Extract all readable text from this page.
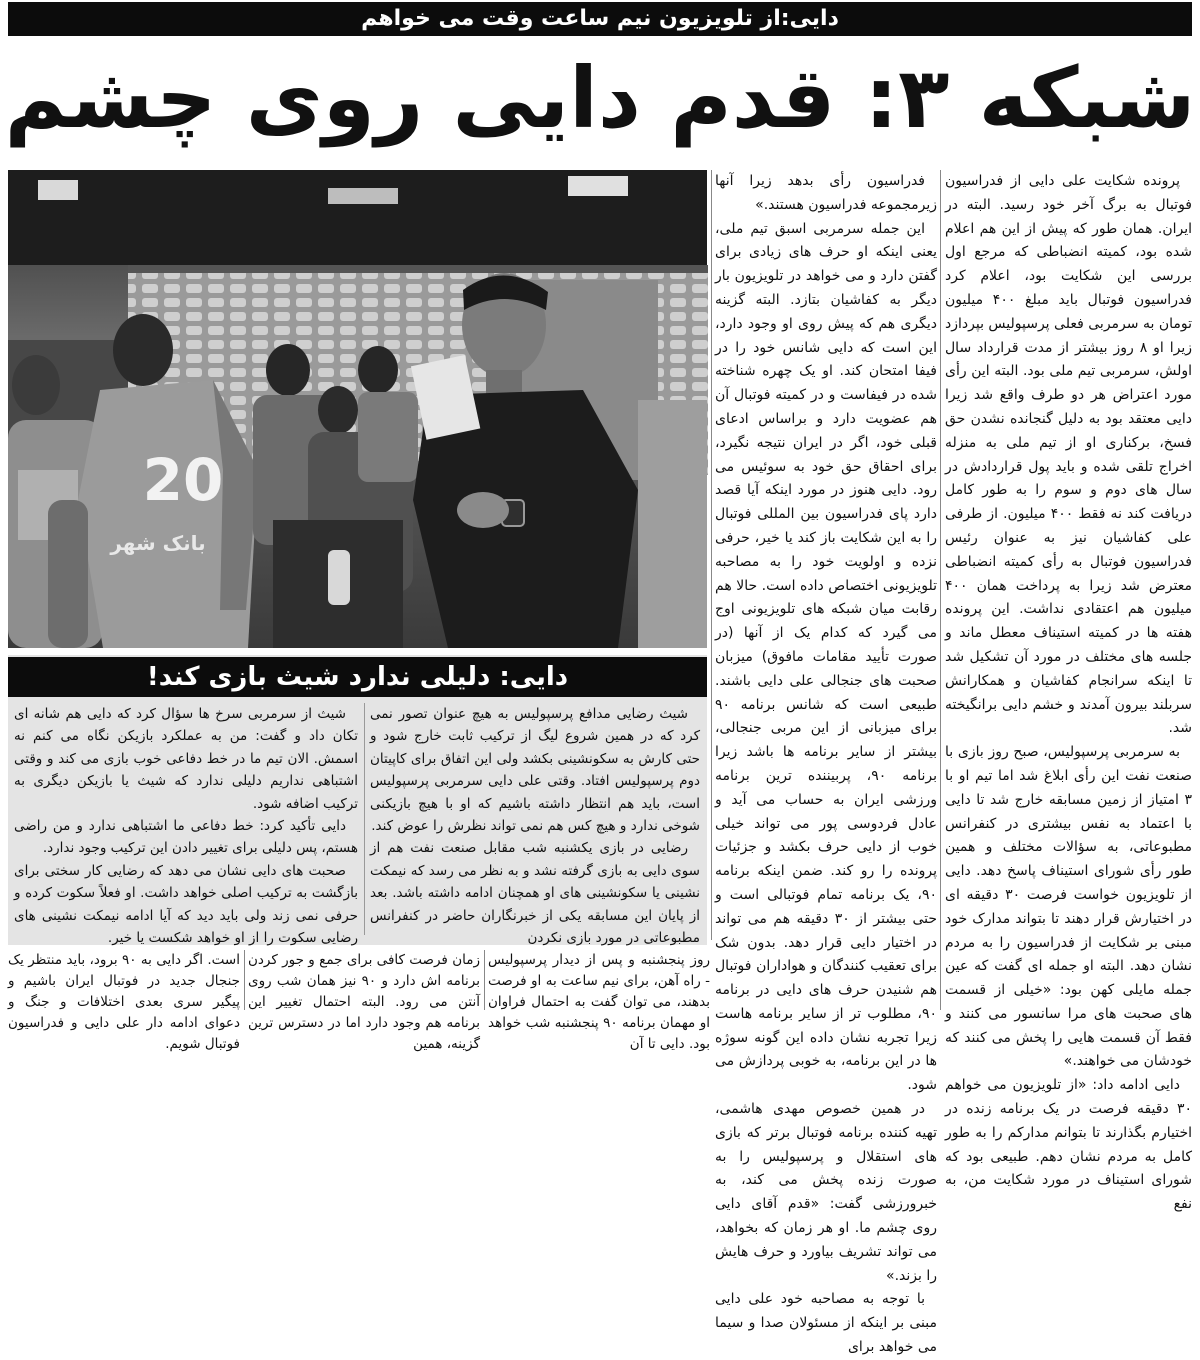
دایی:از تلویزیون نیم ساعت وقت می خواهم
شبکه ۳: قدم دایی روی چشم

پرونده شکایت علی دایی از فدراسیون فوتبال به برگ آخر خود رسید. البته در ایران. همان طور که پیش از این هم اعلام شده بود، کمیته انضباطی که مرجع اول بررسی این شکایت بود، اعلام کرد فدراسیون فوتبال باید مبلغ ۴۰۰ میلیون تومان به سرمربی فعلی پرسپولیس بپردازد زیرا او ۸ روز بیشتر از مدت قرارداد سال اولش، سرمربی تیم ملی بود. البته این رأی مورد اعتراض هر دو طرف واقع شد زیرا دایی معتقد بود به دلیل گنجانده نشدن حق فسخ، برکناری او از تیم ملی به منزله اخراج تلقی شده و باید پول قراردادش در سال های دوم و سوم را به طور کامل دریافت کند نه فقط ۴۰۰ میلیون. از طرفی علی کفاشیان نیز به عنوان رئیس فدراسیون فوتبال به رأی کمیته انضباطی معترض شد زیرا به پرداخت همان ۴۰۰ میلیون هم اعتقادی نداشت. این پرونده هفته ها در کمیته استیناف معطل ماند و جلسه های مختلف در مورد آن تشکیل شد تا اینکه سرانجام کفاشیان و همکارانش سربلند بیرون آمدند و خشم دایی برانگیخته شد.

به سرمربی پرسپولیس، صبح روز بازی با صنعت نفت این رأی ابلاغ شد اما تیم او با ۳ امتیاز از زمین مسابقه خارج شد تا دایی با اعتماد به نفس بیشتری در کنفرانس مطبوعاتی، به سؤالات مختلف و همین طور رأی شورای استیناف پاسخ دهد. دایی از تلویزیون خواست فرصت ۳۰ دقیقه ای در اختیارش قرار دهند تا بتواند مدارک خود مبنی بر شکایت از فدراسیون را به مردم نشان دهد. البته او جمله ای گفت که عین جمله مایلی کهن بود: «خیلی از قسمت های صحبت های مرا سانسور می کنند و فقط آن قسمت هایی را پخش می کنند که خودشان می خواهند.»

دایی ادامه داد: «از تلویزیون می خواهم ۳۰ دقیقه فرصت در یک برنامه زنده در اختیارم بگذارند تا بتوانم مدارکم را به طور کامل به مردم نشان دهم. طبیعی بود که شورای استیناف در مورد شکایت من، به نفع

فدراسیون رأی بدهد زیرا آنها زیرمجموعه فدراسیون هستند.»

این جمله سرمربی اسبق تیم ملی، یعنی اینکه او حرف های زیادی برای گفتن دارد و می خواهد در تلویزیون بار دیگر به کفاشیان بتازد. البته گزینه دیگری هم که پیش روی او وجود دارد، این است که دایی شانس خود را در فیفا امتحان کند. او یک چهره شناخته شده در فیفاست و در کمیته فوتبال آن هم عضویت دارد و براساس ادعای قبلی خود، اگر در ایران نتیجه نگیرد، برای احقاق حق خود به سوئیس می رود. دایی هنوز در مورد اینکه آیا قصد دارد پای فدراسیون بین المللی فوتبال را به این شکایت باز کند یا خیر، حرفی نزده و اولویت خود را به مصاحبه تلویزیونی اختصاص داده است. حالا هم رقابت میان شبکه های تلویزیونی اوج می گیرد که کدام یک از آنها (در صورت تأیید مقامات مافوق) میزبان صحبت های جنجالی علی دایی باشند. طبیعی است که شانس برنامه ۹۰ برای میزبانی از این مربی جنجالی، بیشتر از سایر برنامه ها باشد زیرا برنامه ۹۰، پربیننده ترین برنامه ورزشی ایران به حساب می آید و عادل فردوسی پور می تواند خیلی خوب از دایی حرف بکشد و جزئیات پرونده را رو کند. ضمن اینکه برنامه ۹۰، یک برنامه تمام فوتبالی است و حتی بیشتر از ۳۰ دقیقه هم می تواند در اختیار دایی قرار دهد. بدون شک برای تعقیب کنندگان و هواداران فوتبال هم شنیدن حرف های دایی در برنامه ۹۰، مطلوب تر از سایر برنامه هاست زیرا تجربه نشان داده این گونه سوژه ها در این برنامه، به خوبی پردازش می شود.

در همین خصوص مهدی هاشمی، تهیه کننده برنامه فوتبال برتر که بازی های استقلال و پرسپولیس را به صورت زنده پخش می کند، به خبرورزشی گفت: «قدم آقای دایی روی چشم ما. او هر زمان که بخواهد، می تواند تشریف بیاورد و حرف هایش را بزند.»

با توجه به مصاحبه خود علی دایی مبنی بر اینکه از مسئولان صدا و سیما می خواهد برای

20
بانک شهر
دایی: دلیلی ندارد شیث بازی کند!

شیث رضایی مدافع پرسپولیس به هیچ عنوان تصور نمی کرد که در همین شروع لیگ از ترکیب ثابت خارج شود و حتی کارش به سکونشینی بکشد ولی این اتفاق برای کاپیتان دوم پرسپولیس افتاد. وقتی علی دایی سرمربی پرسپولیس است، باید هم انتظار داشته باشیم که او با هیچ بازیکنی شوخی ندارد و هیچ کس هم نمی تواند نظرش را عوض کند.

رضایی در بازی یکشنبه شب مقابل صنعت نفت هم از سوی دایی به بازی گرفته نشد و به نظر می رسد که نیمکت نشینی یا سکونشینی های او همچنان ادامه داشته باشد. بعد از پایان این مسابقه یکی از خبرنگاران حاضر در کنفرانس مطبوعاتی در مورد بازی نکردن

شیث از سرمربی سرخ ها سؤال کرد که دایی هم شانه ای تکان داد و گفت: من به عملکرد بازیکن نگاه می کنم نه اسمش. الان تیم ما در خط دفاعی خوب بازی می کند و وقتی اشتباهی نداریم دلیلی ندارد که شیث یا بازیکن دیگری به ترکیب اضافه شود.

دایی تأکید کرد: خط دفاعی ما اشتباهی ندارد و من راضی هستم، پس دلیلی برای تغییر دادن این ترکیب وجود ندارد.

صحبت های دایی نشان می دهد که رضایی کار سختی برای بازگشت به ترکیب اصلی خواهد داشت. او فعلاً سکوت کرده و حرفی نمی زند ولی باید دید که آیا ادامه نیمکت نشینی های رضایی سکوت را از او خواهد شکست یا خیر.

روز پنجشنبه و پس از دیدار پرسپولیس - راه آهن، برای نیم ساعت به او فرصت بدهند، می توان گفت به احتمال فراوان او مهمان برنامه ۹۰ پنجشنبه شب خواهد بود. دایی تا آن
زمان فرصت کافی برای جمع و جور کردن برنامه اش دارد و ۹۰ نیز همان شب روی آنتن می رود. البته احتمال تغییر این برنامه هم وجود دارد اما در دسترس ترین گزینه، همین
است. اگر دایی به ۹۰ برود، باید منتظر یک جنجال جدید در فوتبال ایران باشیم و پیگیر سری بعدی اختلافات و جنگ و دعوای ادامه دار علی دایی و فدراسیون فوتبال شویم.
